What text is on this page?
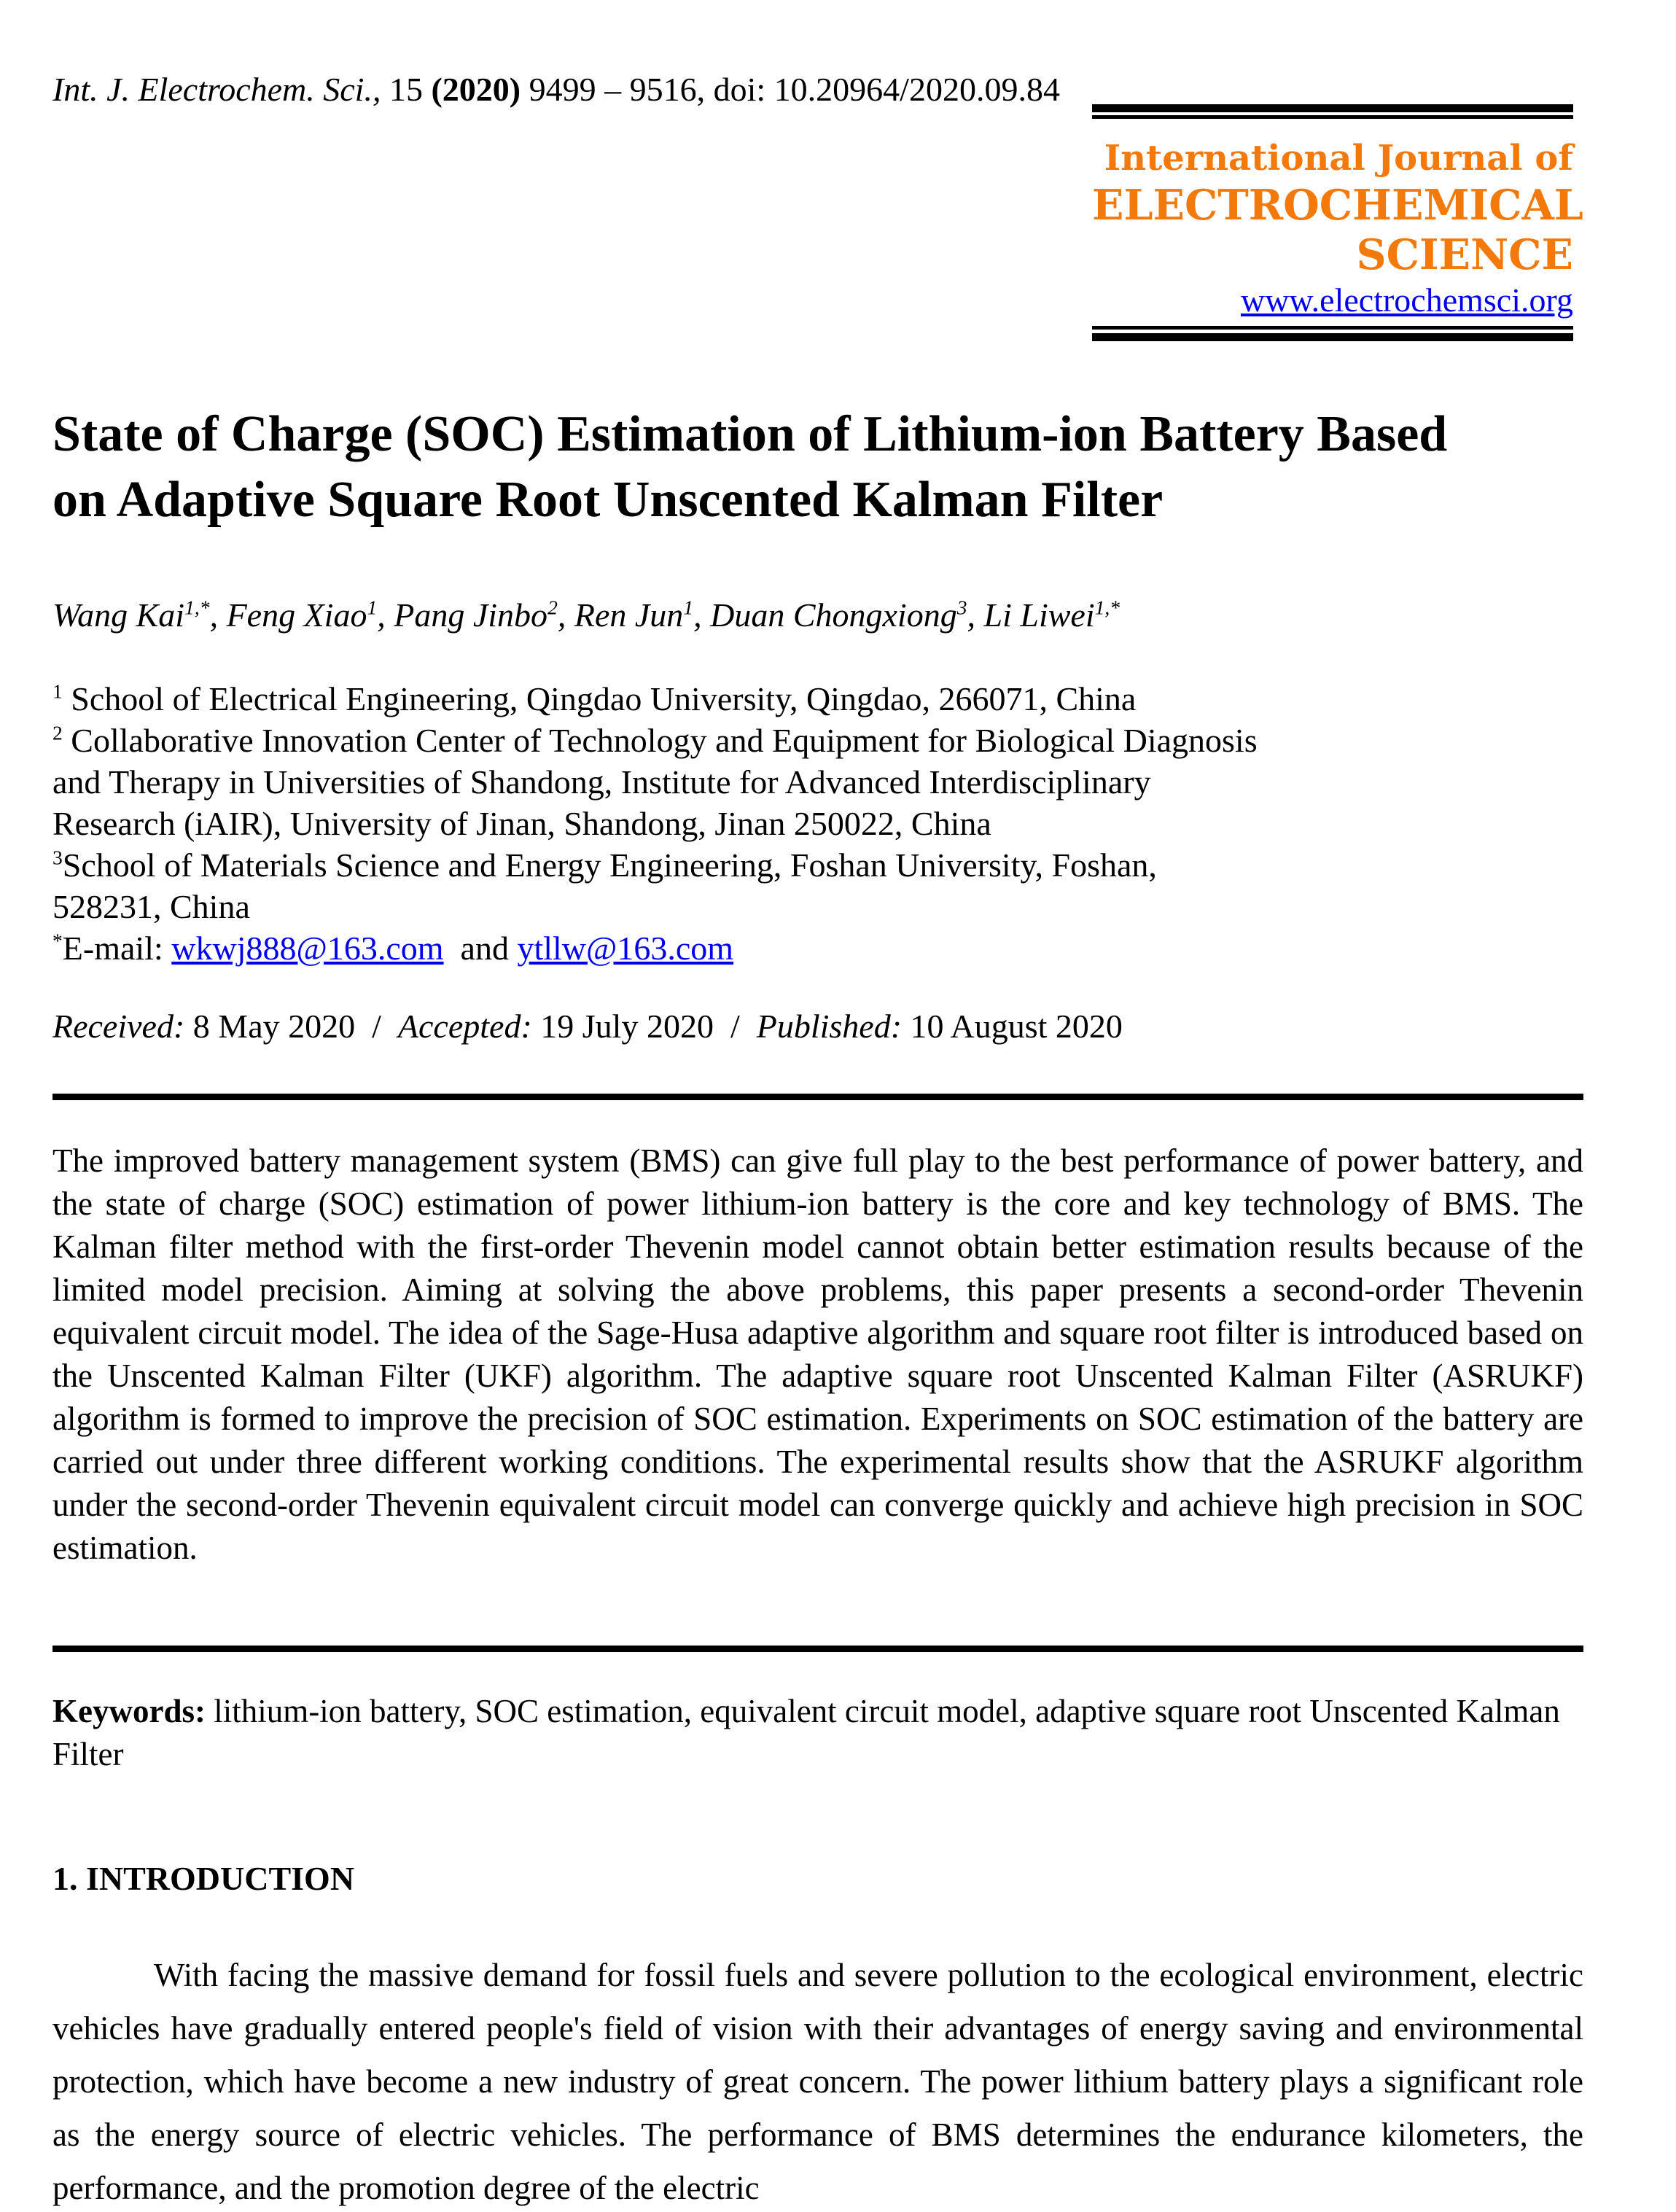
Int. J. Electrochem. Sci., 15 (2020) 9499 – 9516, doi: 10.20964/2020.09.84
International Journal of
ELECTROCHEMICAL
SCIENCE
www.electrochemsci.org
State of Charge (SOC) Estimation of Lithium-ion Battery Based
on Adaptive Square Root Unscented Kalman Filter
Wang Kai$^{1,*}$, Feng Xiao$^1$, Pang Jinbo$^2$, Ren Jun$^1$, Duan Chongxiong$^3$, Li Liwei$^{1,*}$
$^1$ School of Electrical Engineering, Qingdao University, Qingdao, 266071, China
$^2$ Collaborative Innovation Center of Technology and Equipment for Biological Diagnosis
and Therapy in Universities of Shandong, Institute for Advanced Interdisciplinary
Research (iAIR), University of Jinan, Shandong, Jinan 250022, China
$^3$School of Materials Science and Energy Engineering, Foshan University, Foshan,
528231, China
*E-mail: wkwj888@163.com  and ytllw@163.com
Received: 8 May 2020  /  Accepted: 19 July 2020  /  Published: 10 August 2020

The improved battery management system (BMS) can give full play to the best performance of power battery, and the state of charge (SOC) estimation of power lithium-ion battery is the core and key technology of BMS. The Kalman filter method with the first-order Thevenin model cannot obtain better estimation results because of the limited model precision. Aiming at solving the above problems, this paper presents a second-order Thevenin equivalent circuit model. The idea of the Sage-Husa adaptive algorithm and square root filter is introduced based on the Unscented Kalman Filter (UKF) algorithm. The adaptive square root Unscented Kalman Filter (ASRUKF) algorithm is formed to improve the precision of SOC estimation. Experiments on SOC estimation of the battery are carried out under three different working conditions. The experimental results show that the ASRUKF algorithm under the second-order Thevenin equivalent circuit model can converge quickly and achieve high precision in SOC estimation.

Keywords: lithium-ion battery, SOC estimation, equivalent circuit model, adaptive square root Unscented Kalman Filter

1. INTRODUCTION

With facing the massive demand for fossil fuels and severe pollution to the ecological environment, electric vehicles have gradually entered people's field of vision with their advantages of energy saving and environmental protection, which have become a new industry of great concern. The power lithium battery plays a significant role as the energy source of electric vehicles. The performance of BMS determines the endurance kilometers, the performance, and the promotion degree of the electric
